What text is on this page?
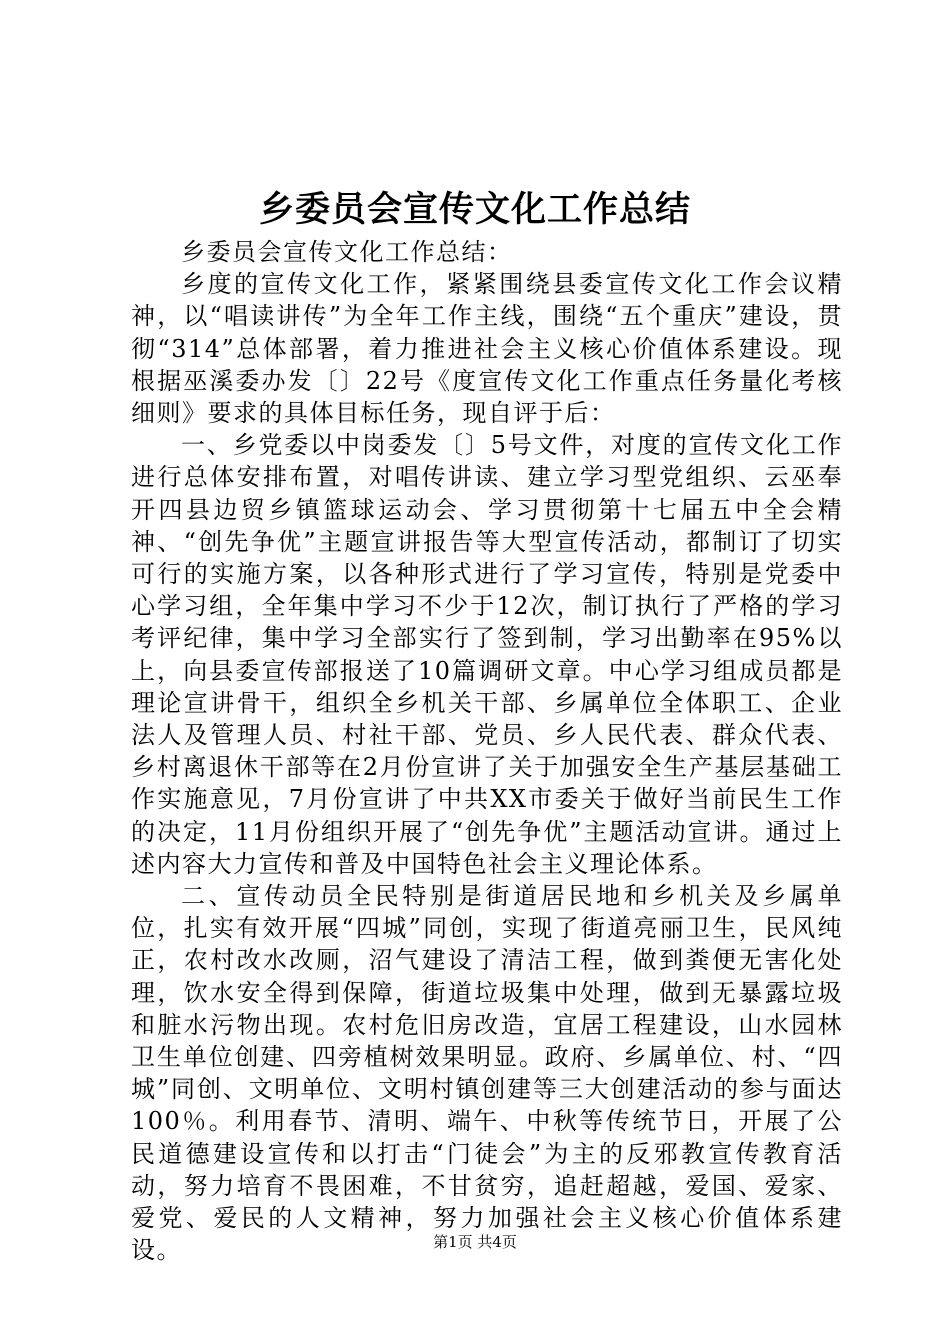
乡委员会宣传文化工作总结

乡委员会宣传文化工作总结：

乡度的宣传文化工作，紧紧围绕县委宣传文化工作会议精神，以“唱读讲传”为全年工作主线，围绕“五个重庆”建设，贯彻“314”总体部署，着力推进社会主义核心价值体系建设。现根据巫溪委办发〔〕22号《度宣传文化工作重点任务量化考核细则》要求的具体目标任务，现自评于后：

一、乡党委以中岗委发〔〕5号文件，对度的宣传文化工作进行总体安排布置，对唱传讲读、建立学习型党组织、云巫奉开四县边贸乡镇篮球运动会、学习贯彻第十七届五中全会精神、“创先争优”主题宣讲报告等大型宣传活动，都制订了切实可行的实施方案，以各种形式进行了学习宣传，特别是党委中心学习组，全年集中学习不少于12次，制订执行了严格的学习考评纪律，集中学习全部实行了签到制，学习出勤率在95%以上，向县委宣传部报送了10篇调研文章。中心学习组成员都是理论宣讲骨干，组织全乡机关干部、乡属单位全体职工、企业法人及管理人员、村社干部、党员、乡人民代表、群众代表、乡村离退休干部等在2月份宣讲了关于加强安全生产基层基础工作实施意见，7月份宣讲了中共XX市委关于做好当前民生工作的决定，11月份组织开展了“创先争优”主题活动宣讲。通过上述内容大力宣传和普及中国特色社会主义理论体系。

二、宣传动员全民特别是街道居民地和乡机关及乡属单位，扎实有效开展“四城”同创，实现了街道亮丽卫生，民风纯正，农村改水改厕，沼气建设了清洁工程，做到粪便无害化处理，饮水安全得到保障，街道垃圾集中处理，做到无暴露垃圾和脏水污物出现。农村危旧房改造，宜居工程建设，山水园林卫生单位创建、四旁植树效果明显。政府、乡属单位、村、“四城”同创、文明单位、文明村镇创建等三大创建活动的参与面达100％。利用春节、清明、端午、中秋等传统节日，开展了公民道德建设宣传和以打击“门徒会”为主的反邪教宣传教育活动，努力培育不畏困难，不甘贫穷，追赶超越，爱国、爱家、爱党、爱民的人文精神，努力加强社会主义核心价值体系建设。	第1页 共4页
